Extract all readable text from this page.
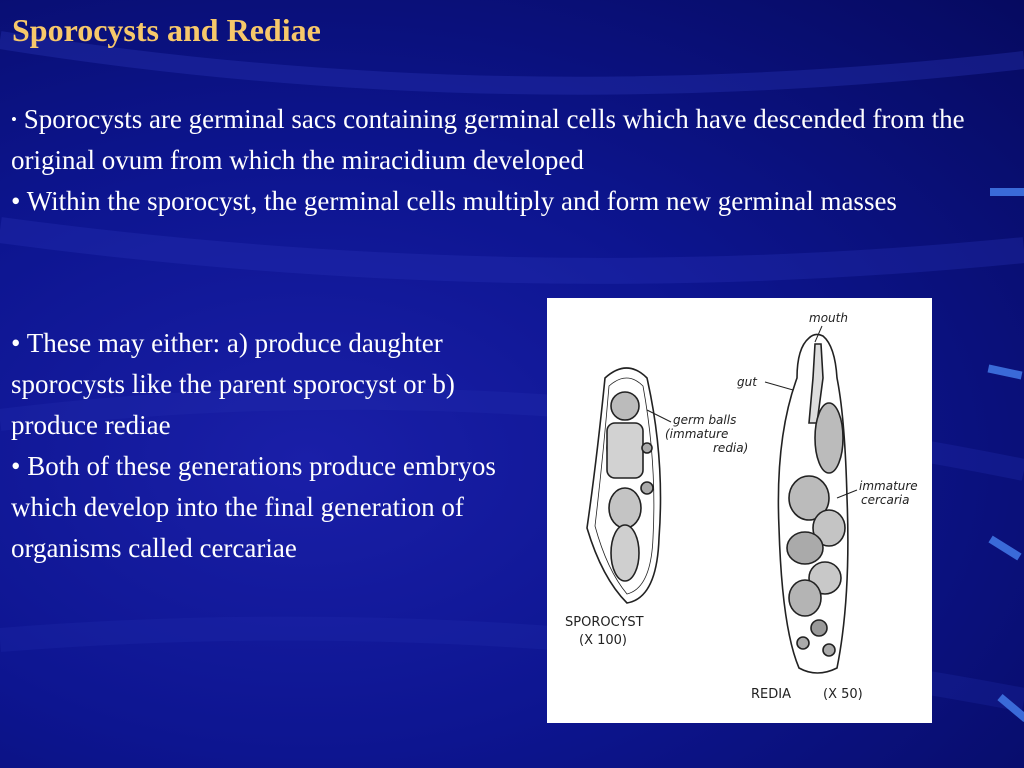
Sporocysts and Rediae

• Sporocysts are germinal sacs containing germinal cells which have descended from the original ovum from which the miracidium developed

• Within the sporocyst, the germinal cells multiply and form new germinal masses

• These may either: a) produce daughter sporocysts like the parent sporocyst or b) produce rediae

• Both of these generations produce embryos which develop into the final generation of organisms called cercariae

mouth
gut
germ balls
(immature
redia)
immature
cercaria
SPOROCYST
(X 100)
REDIA (X 50)
